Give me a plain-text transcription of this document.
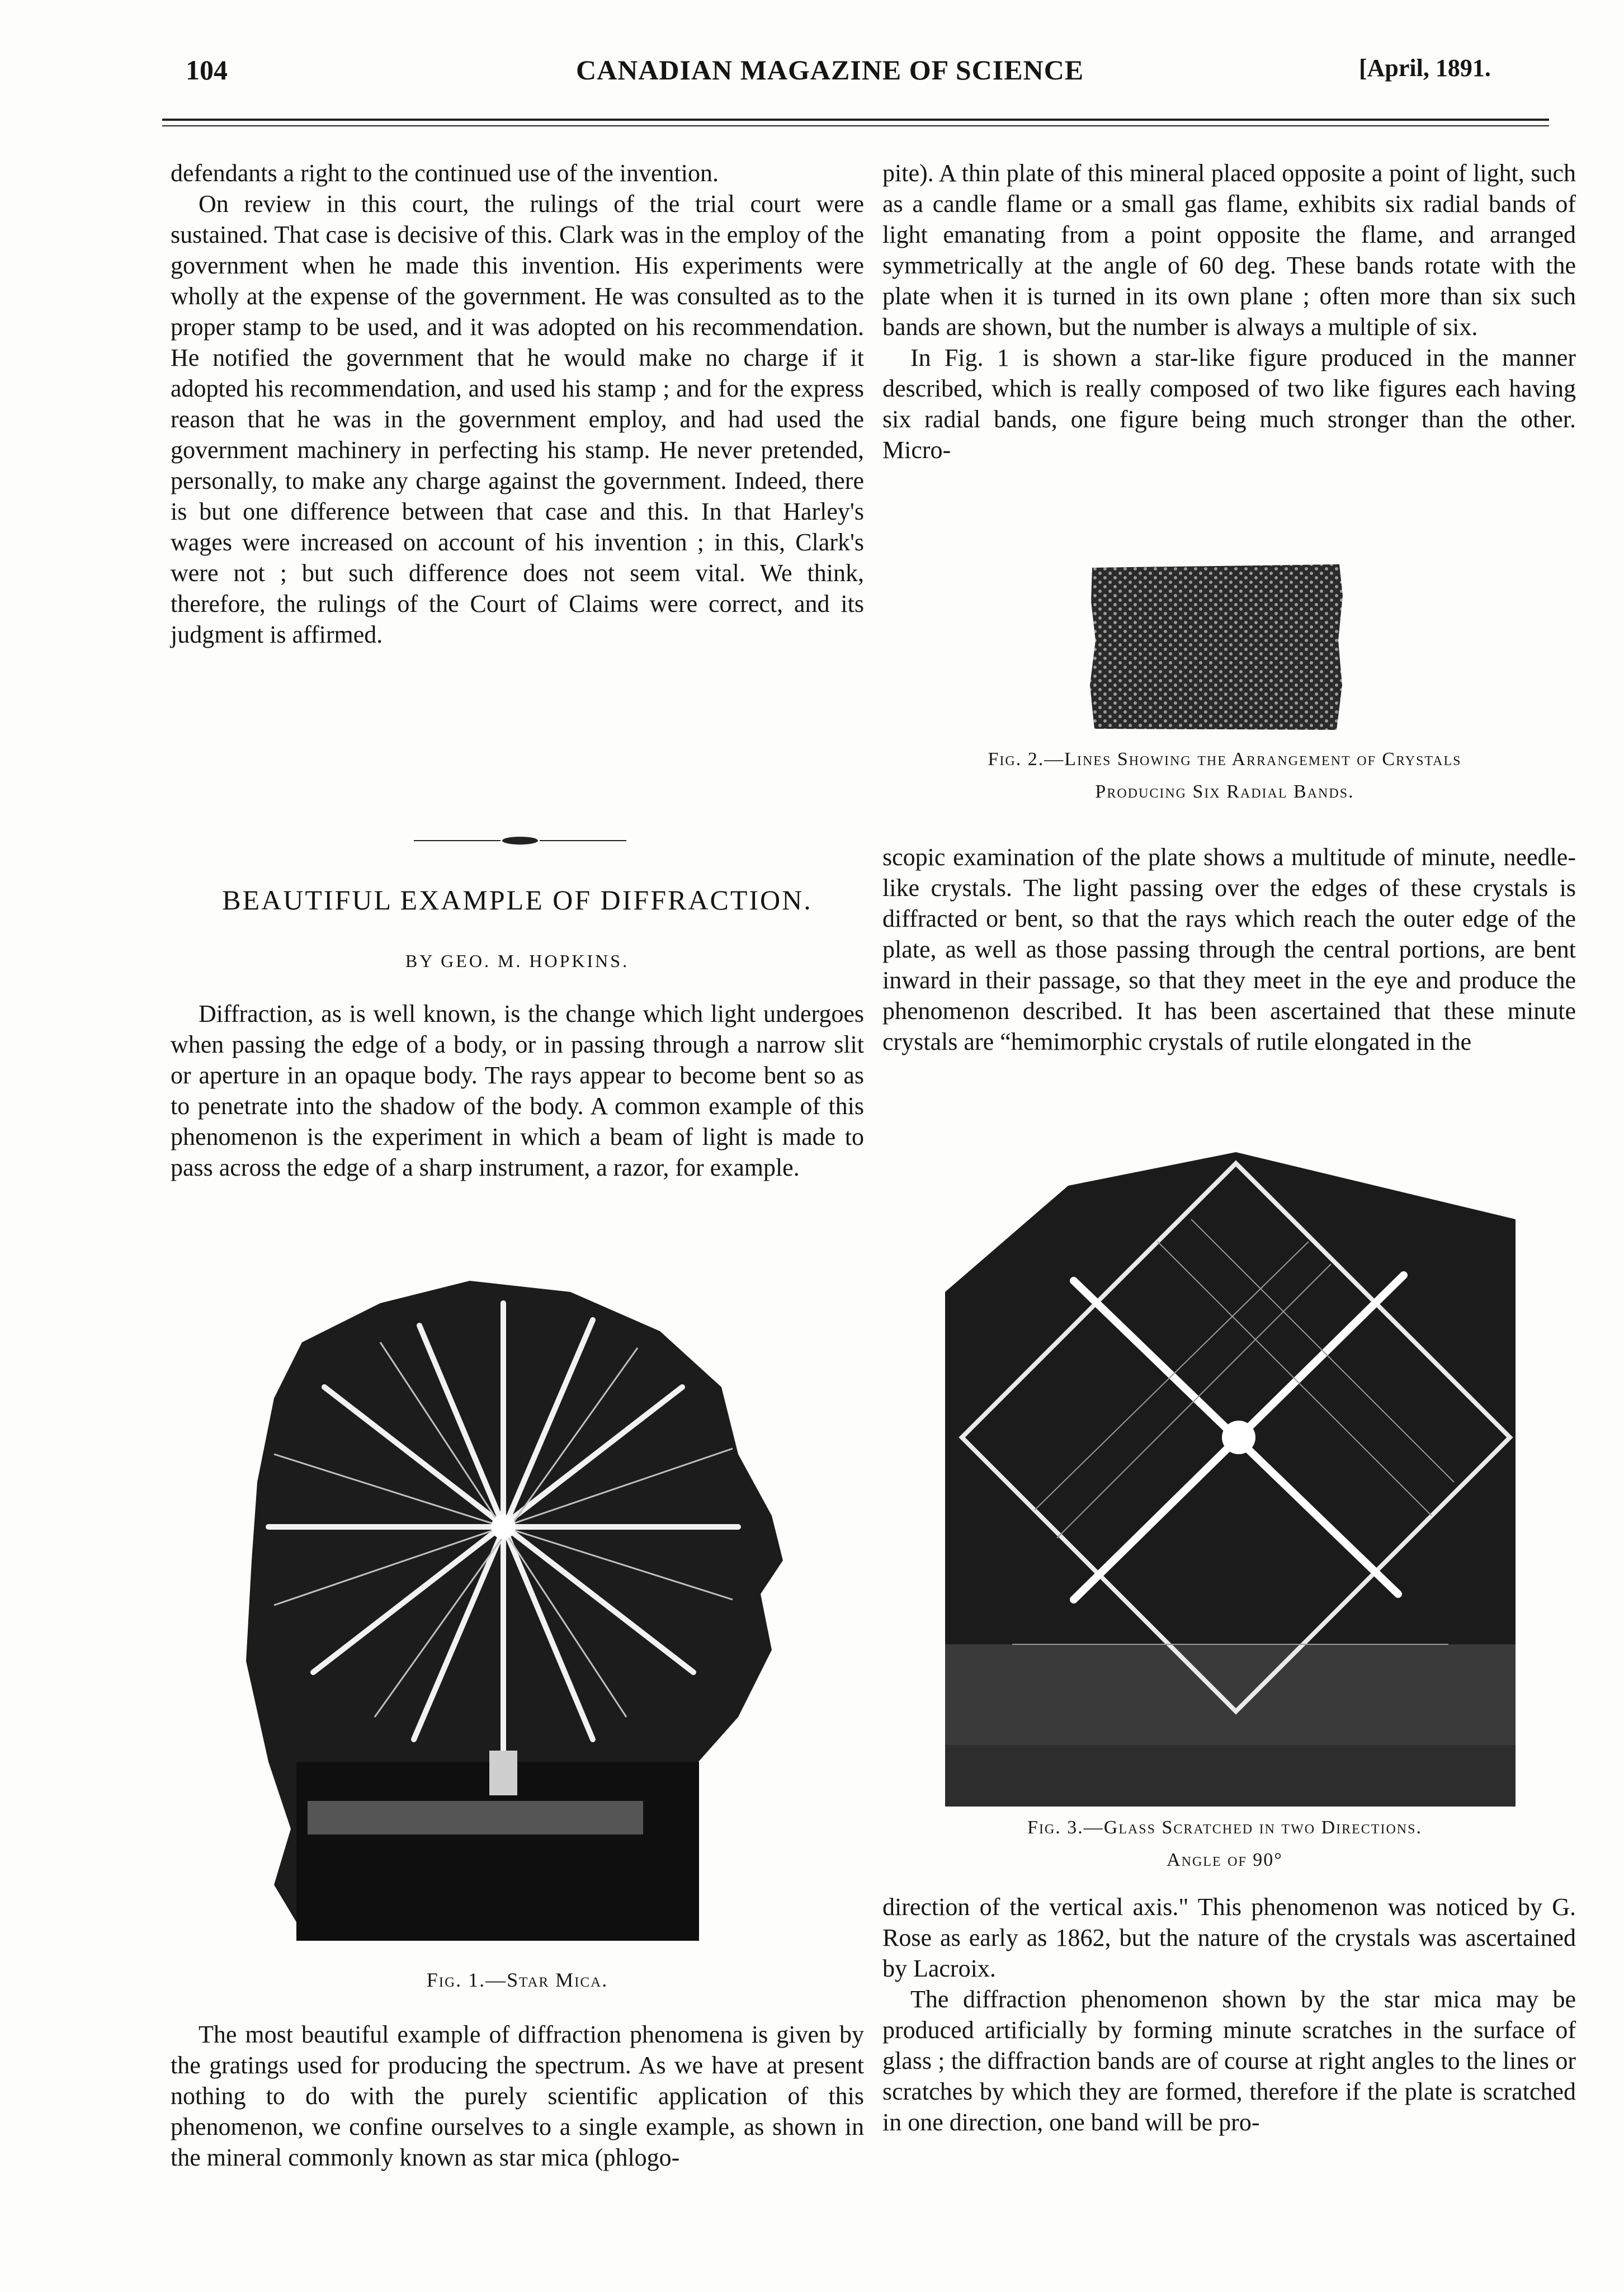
104	CANADIAN MAGAZINE OF SCIENCE	[April, 1891.

defendants a right to the continued use of the invention.

On review in this court, the rulings of the trial court were sustained. That case is decisive of this. Clark was in the employ of the government when he made this invention. His experiments were wholly at the expense of the government. He was consulted as to the proper stamp to be used, and it was adopted on his recommendation. He notified the government that he would make no charge if it adopted his recommendation, and used his stamp ; and for the express reason that he was in the government employ, and had used the government machinery in perfecting his stamp. He never pretended, personally, to make any charge against the government. Indeed, there is but one difference between that case and this. In that Harley's wages were increased on account of his invention ; in this, Clark's were not ; but such difference does not seem vital. We think, therefore, the rulings of the Court of Claims were correct, and its judgment is affirmed.

BEAUTIFUL EXAMPLE OF DIFFRACTION.
BY GEO. M. HOPKINS.

Diffraction, as is well known, is the change which light undergoes when passing the edge of a body, or in passing through a narrow slit or aperture in an opaque body. The rays appear to become bent so as to penetrate into the shadow of the body. A common example of this phenomenon is the experiment in which a beam of light is made to pass across the edge of a sharp instrument, a razor, for example.

Fig. 1.—Star Mica.

The most beautiful example of diffraction phenomena is given by the gratings used for producing the spectrum. As we have at present nothing to do with the purely scientific application of this phenomenon, we confine ourselves to a single example, as shown in the mineral commonly known as star mica (phlogo-

pite). A thin plate of this mineral placed opposite a point of light, such as a candle flame or a small gas flame, exhibits six radial bands of light emanating from a point opposite the flame, and arranged symmetrically at the angle of 60 deg. These bands rotate with the plate when it is turned in its own plane ; often more than six such bands are shown, but the number is always a multiple of six.

In Fig. 1 is shown a star-like figure produced in the manner described, which is really composed of two like figures each having six radial bands, one figure being much stronger than the other. Micro-

Fig. 2.—Lines Showing the Arrangement of Crystals
Producing Six Radial Bands.

scopic examination of the plate shows a multitude of minute, needle-like crystals. The light passing over the edges of these crystals is diffracted or bent, so that the rays which reach the outer edge of the plate, as well as those passing through the central portions, are bent inward in their passage, so that they meet in the eye and produce the phenomenon described. It has been ascertained that these minute crystals are “hemimorphic crystals of rutile elongated in the

Fig. 3.—Glass Scratched in two Directions.
Angle of 90°

direction of the vertical axis." This phenomenon was noticed by G. Rose as early as 1862, but the nature of the crystals was ascertained by Lacroix.

The diffraction phenomenon shown by the star mica may be produced artificially by forming minute scratches in the surface of glass ; the diffraction bands are of course at right angles to the lines or scratches by which they are formed, therefore if the plate is scratched in one direction, one band will be pro-
